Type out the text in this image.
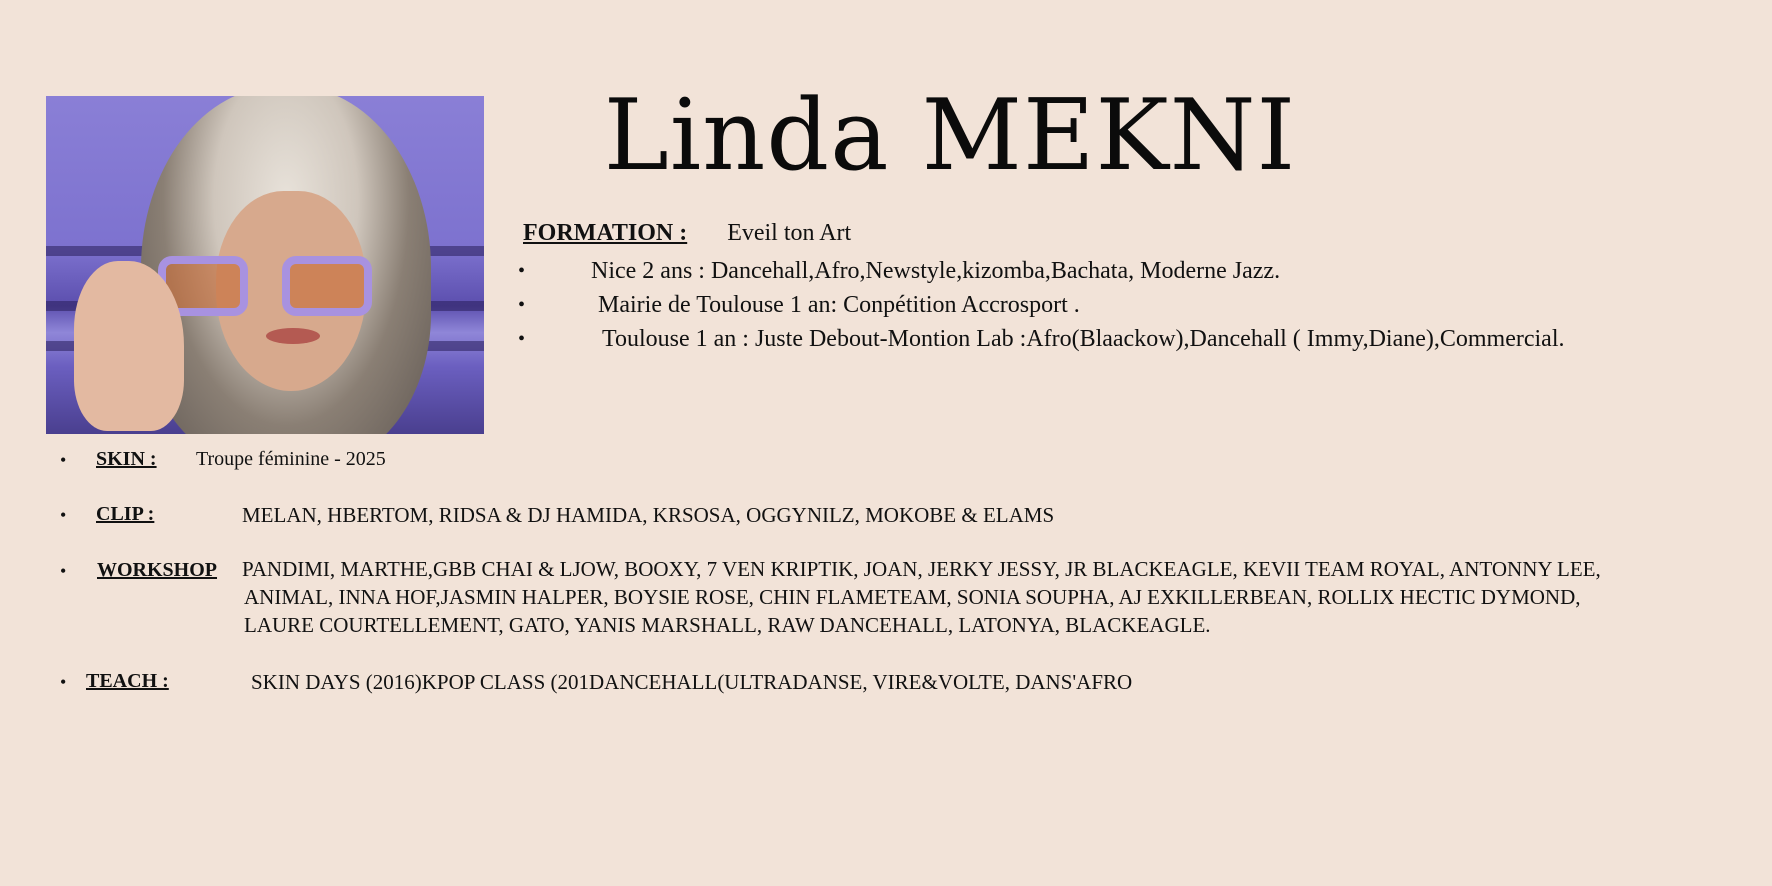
Linda MEKNI
FORMATION : Eveil ton Art
• Nice 2 ans : Dancehall,Afro,Newstyle,kizomba,Bachata, Moderne Jazz.
• Mairie de Toulouse 1 an: Conpétition Accrosport .
• Toulouse 1 an : Juste Debout-Montion Lab :Afro(Blaackow),Dancehall ( Immy,Diane),Commercial.
• SKIN : Troupe féminine - 2025
• CLIP :	MELAN, HBERTOM, RIDSA & DJ HAMIDA, KRSOSA, OGGYNILZ, MOKOBE & ELAMS
• WORKSHOP PANDIMI, MARTHE,GBB CHAI & LJOW, BOOXY, 7 VEN KRIPTIK, JOAN, JERKY JESSY, JR BLACKEAGLE, KEVII TEAM ROYAL, ANTONNY LEE,
ANIMAL, INNA HOF,JASMIN HALPER, BOYSIE ROSE, CHIN FLAMETEAM, SONIA SOUPHA, AJ EXKILLERBEAN, ROLLIX HECTIC DYMOND,
LAURE COURTELLEMENT, GATO, YANIS MARSHALL, RAW DANCEHALL, LATONYA, BLACKEAGLE.
• TEACH :	SKIN DAYS (2016)KPOP CLASS (201DANCEHALL(ULTRADANSE, VIRE&VOLTE, DANS'AFRO
